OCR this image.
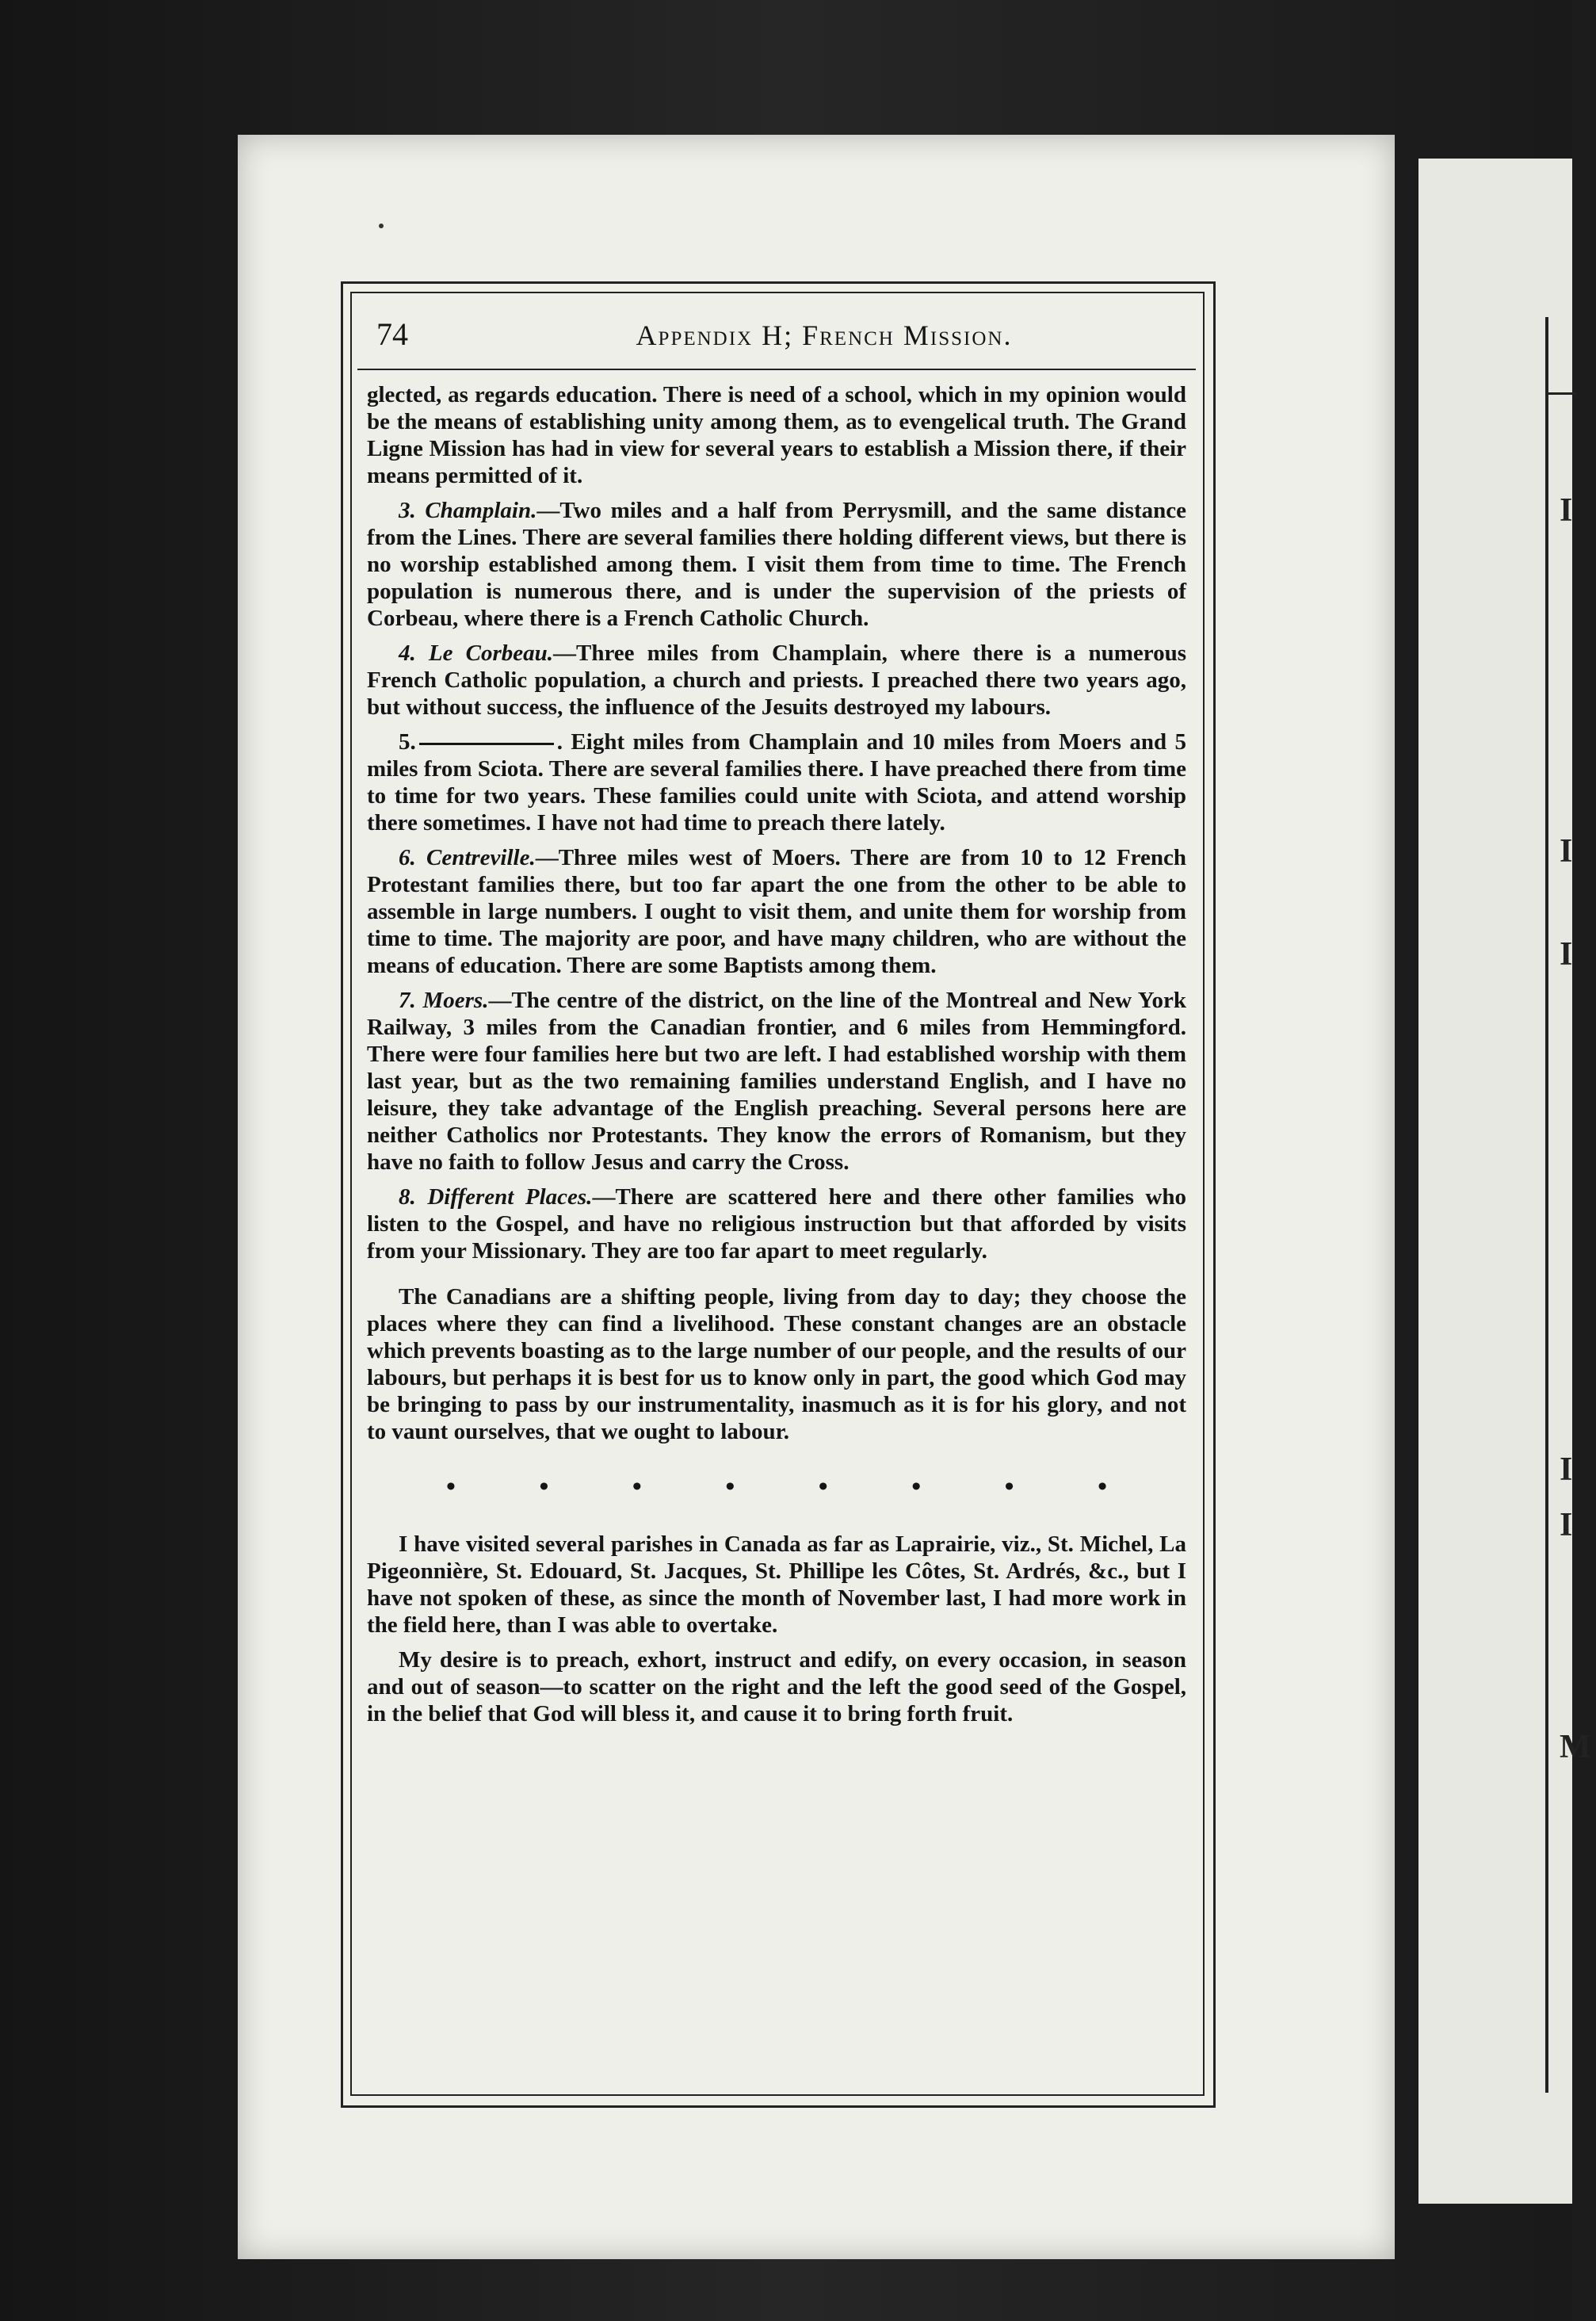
I
I
I
I
I
M
74	Appendix H; French Mission.

glected, as regards education. There is need of a school, which in my opinion would be the means of establishing unity among them, as to evengelical truth. The Grand Ligne Mission has had in view for several years to establish a Mission there, if their means permitted of it.

3. Champlain.—Two miles and a half from Perrysmill, and the same distance from the Lines. There are several families there holding different views, but there is no worship established among them. I visit them from time to time. The French population is numerous there, and is under the supervision of the priests of Corbeau, where there is a French Catholic Church.

4. Le Corbeau.—Three miles from Champlain, where there is a numerous French Catholic population, a church and priests. I preached there two years ago, but without success, the influence of the Jesuits destroyed my labours.

5.	. Eight miles from Champlain and 10 miles from Moers and 5 miles from Sciota. There are several families there. I have preached there from time to time for two years. These families could unite with Sciota, and attend worship there sometimes. I have not had time to preach there lately.

6. Centreville.—Three miles west of Moers. There are from 10 to 12 French Protestant families there, but too far apart the one from the other to be able to assemble in large numbers. I ought to visit them, and unite them for worship from time to time. The majority are poor, and have many children, who are without the means of education. There are some Baptists among them.

7. Moers.—The centre of the district, on the line of the Montreal and New York Railway, 3 miles from the Canadian frontier, and 6 miles from Hemmingford. There were four families here but two are left. I had established worship with them last year, but as the two remaining families understand English, and I have no leisure, they take advantage of the English preaching. Several persons here are neither Catholics nor Protestants. They know the errors of Romanism, but they have no faith to follow Jesus and carry the Cross.

8. Different Places.—There are scattered here and there other families who listen to the Gospel, and have no religious instruction but that afforded by visits from your Missionary. They are too far apart to meet regularly.

The Canadians are a shifting people, living from day to day; they choose the places where they can find a livelihood. These constant changes are an obstacle which prevents boasting as to the large number of our people, and the results of our labours, but perhaps it is best for us to know only in part, the good which God may be bringing to pass by our instrumentality, inasmuch as it is for his glory, and not to vaunt ourselves, that we ought to labour.

•	•	•	•	•	•	•	•

I have visited several parishes in Canada as far as Laprairie, viz., St. Michel, La Pigeonnière, St. Edouard, St. Jacques, St. Phillipe les Côtes, St. Ardrés, &c., but I have not spoken of these, as since the month of November last, I had more work in the field here, than I was able to overtake.

My desire is to preach, exhort, instruct and edify, on every occasion, in season and out of season—to scatter on the right and the left the good seed of the Gospel, in the belief that God will bless it, and cause it to bring forth fruit.
